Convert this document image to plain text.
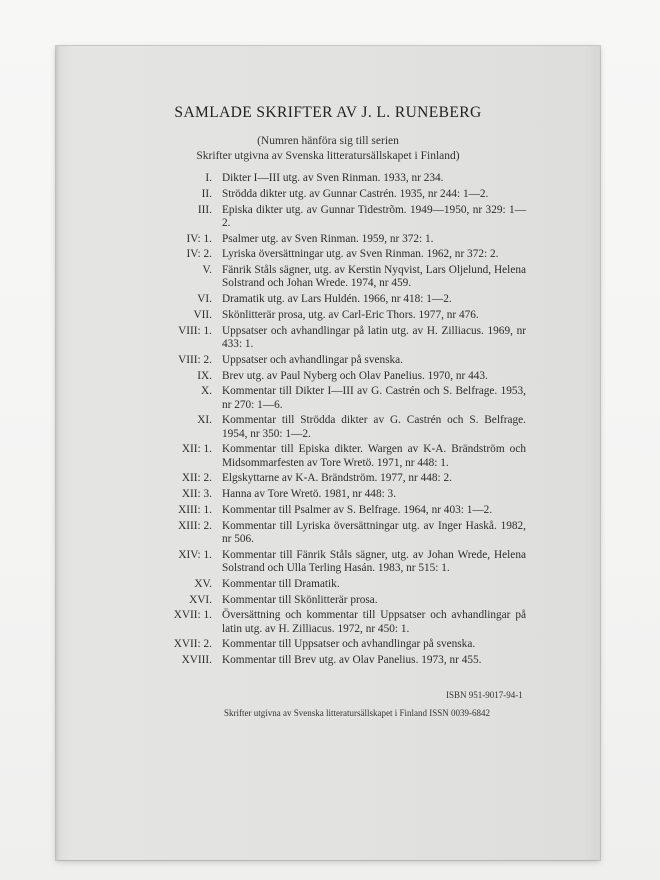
SAMLADE SKRIFTER AV J. L. RUNEBERG
(Numren hänföra sig till serien
Skrifter utgivna av Svenska litteratursällskapet i Finland)
I. Dikter I—III utg. av Sven Rinman. 1933, nr 234.
II. Strödda dikter utg. av Gunnar Castrén. 1935, nr 244: 1—2.
III. Episka dikter utg. av Gunnar Tidestrõm. 1949—1950, nr 329: 1—2.
IV: 1. Psalmer utg. av Sven Rinman. 1959, nr 372: 1.
IV: 2. Lyriska översättningar utg. av Sven Rinman. 1962, nr 372: 2.
V. Fänrik Ståls sägner, utg. av Kerstin Nyqvist, Lars Oljelund, Helena Solstrand och Johan Wrede. 1974, nr 459.
VI. Dramatik utg. av Lars Huldén. 1966, nr 418: 1—2.
VII. Skönlitterär prosa, utg. av Carl-Eric Thors. 1977, nr 476.
VIII: 1. Uppsatser och avhandlingar på latin utg. av H. Zilliacus. 1969, nr 433: 1.
VIII: 2. Uppsatser och avhandlingar på svenska.
IX. Brev utg. av Paul Nyberg och Olav Panelius. 1970, nr 443.
X. Kommentar till Dikter I—III av G. Castrén och S. Belfrage. 1953, nr 270: 1—6.
XI. Kommentar till Strödda dikter av G. Castrén och S. Belfrage. 1954, nr 350: 1—2.
XII: 1. Kommentar till Episka dikter. Wargen av K-A. Brändström och Midsommarfesten av Tore Wretö. 1971, nr 448: 1.
XII: 2. Elgskyttarne av K-A. Brändström. 1977, nr 448: 2.
XII: 3. Hanna av Tore Wretö. 1981, nr 448: 3.
XIII: 1. Kommentar till Psalmer av S. Belfrage. 1964, nr 403: 1—2.
XIII: 2. Kommentar till Lyriska översättningar utg. av Inger Haskå. 1982, nr 506.
XIV: 1. Kommentar till Fänrik Ståls sägner, utg. av Johan Wrede, Helena Solstrand och Ulla Terling Hasán. 1983, nr 515: 1.
XV. Kommentar till Dramatik.
XVI. Kommentar till Skönlitterär prosa.
XVII: 1. Översättning och kommentar till Uppsatser och avhandlingar på latin utg. av H. Zilliacus. 1972, nr 450: 1.
XVII: 2. Kommentar till Uppsatser och avhandlingar på svenska.
XVIII. Kommentar till Brev utg. av Olav Panelius. 1973, nr 455.
ISBN 951-9017-94-1
Skrifter utgivna av Svenska litteratursällskapet i Finland ISSN 0039-6842
